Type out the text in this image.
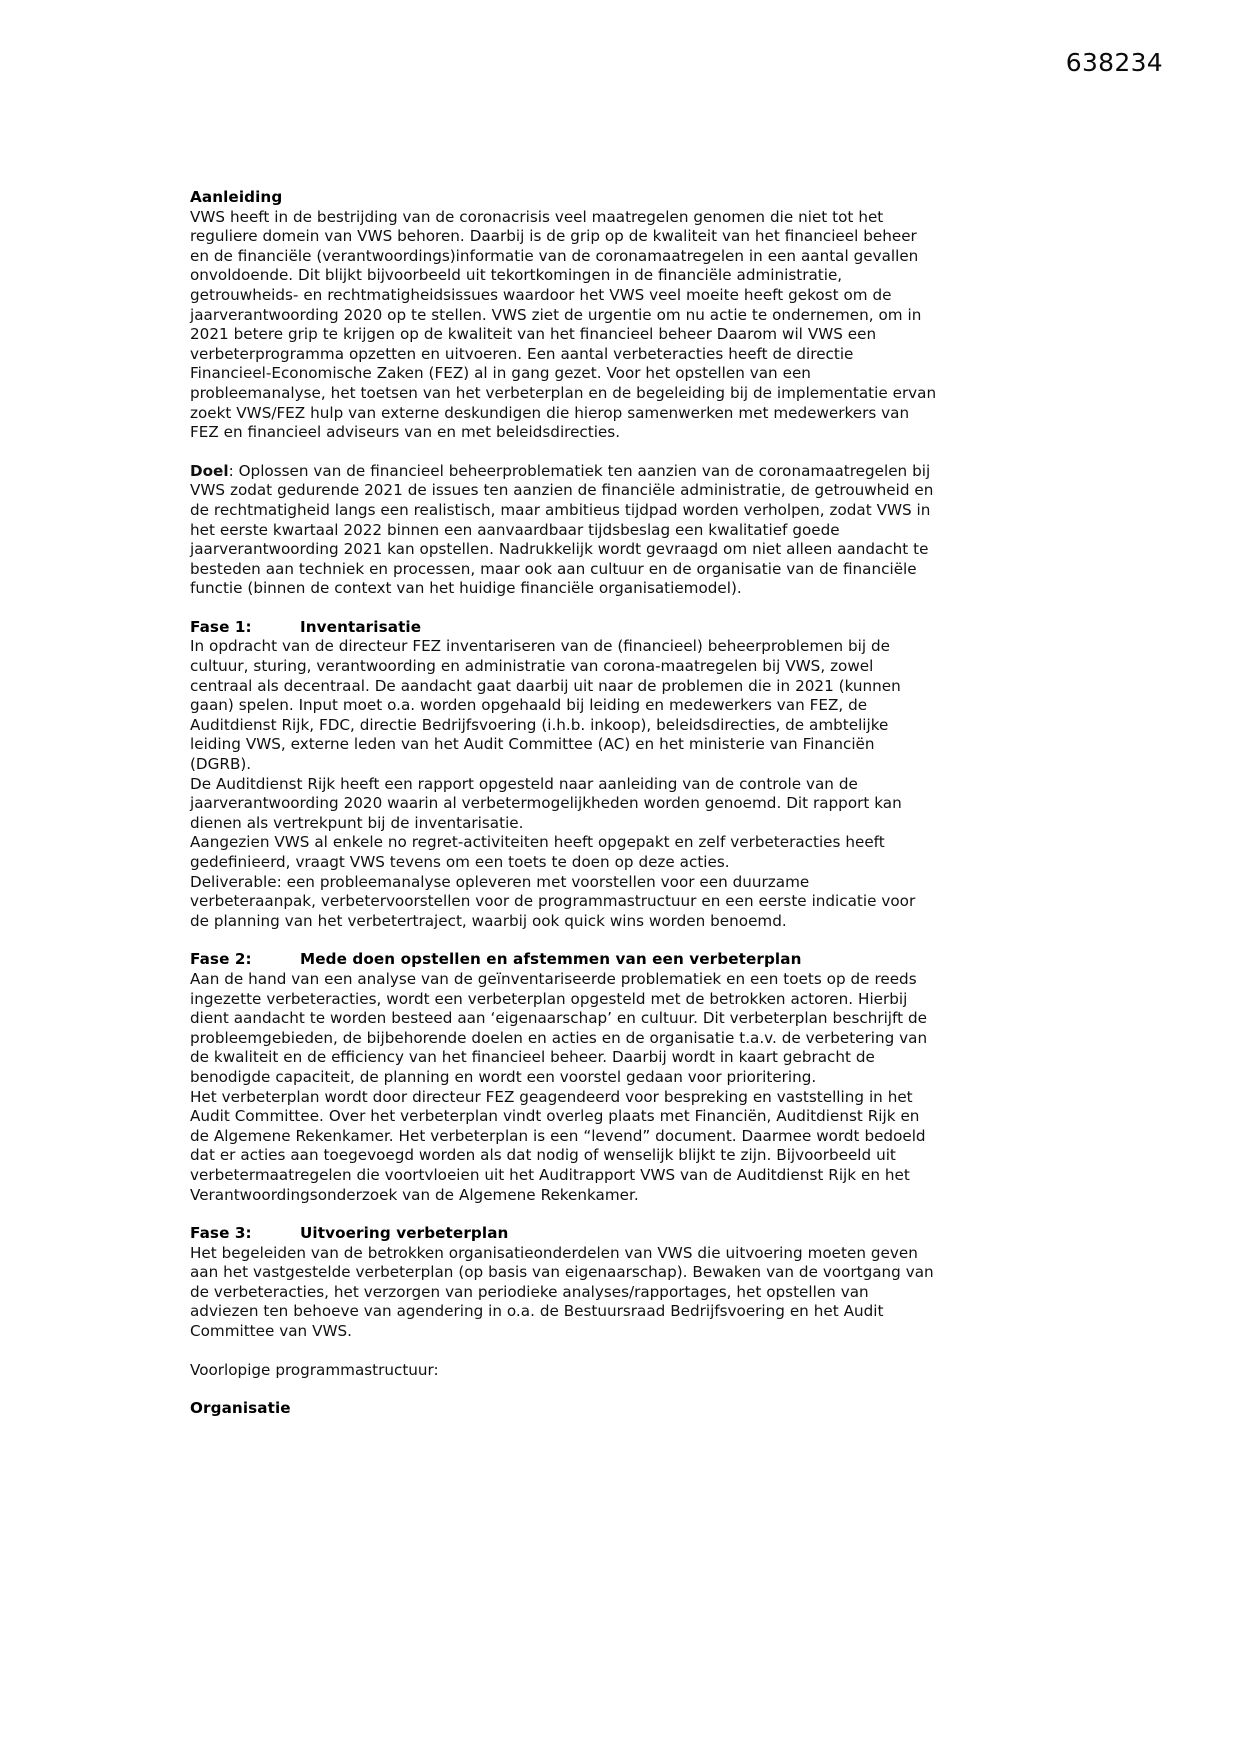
638234
Aanleiding

VWS heeft in de bestrijding van de coronacrisis veel maatregelen genomen die niet tot het reguliere domein van VWS behoren. Daarbij is de grip op de kwaliteit van het financieel beheer en de financiële (verantwoordings)informatie van de coronamaatregelen in een aantal gevallen onvoldoende. Dit blijkt bijvoorbeeld uit tekortkomingen in de financiële administratie, getrouwheids- en rechtmatigheidsissues waardoor het VWS veel moeite heeft gekost om de jaarverantwoording 2020 op te stellen. VWS ziet de urgentie om nu actie te ondernemen, om in 2021 betere grip te krijgen op de kwaliteit van het financieel beheer Daarom wil VWS een verbeterprogramma opzetten en uitvoeren. Een aantal verbeteracties heeft de directie Financieel-Economische Zaken (FEZ) al in gang gezet. Voor het opstellen van een probleemanalyse, het toetsen van het verbeterplan en de begeleiding bij de implementatie ervan zoekt VWS/FEZ hulp van externe deskundigen die hierop samenwerken met medewerkers van FEZ en financieel adviseurs van en met beleidsdirecties.

Doel: Oplossen van de financieel beheerproblematiek ten aanzien van de coronamaatregelen bij VWS zodat gedurende 2021 de issues ten aanzien de financiële administratie, de getrouwheid en de rechtmatigheid langs een realistisch, maar ambitieus tijdpad worden verholpen, zodat VWS in het eerste kwartaal 2022 binnen een aanvaardbaar tijdsbeslag een kwalitatief goede jaarverantwoording 2021 kan opstellen. Nadrukkelijk wordt gevraagd om niet alleen aandacht te besteden aan techniek en processen, maar ook aan cultuur en de organisatie van de financiële functie (binnen de context van het huidige financiële organisatiemodel).

Fase 1:	Inventarisatie

In opdracht van de directeur FEZ inventariseren van de (financieel) beheerproblemen bij de cultuur, sturing, verantwoording en administratie van corona-maatregelen bij VWS, zowel centraal als decentraal. De aandacht gaat daarbij uit naar de problemen die in 2021 (kunnen gaan) spelen. Input moet o.a. worden opgehaald bij leiding en medewerkers van FEZ, de Auditdienst Rijk, FDC, directie Bedrijfsvoering (i.h.b. inkoop), beleidsdirecties, de ambtelijke leiding VWS, externe leden van het Audit Committee (AC) en het ministerie van Financiën (DGRB).

De Auditdienst Rijk heeft een rapport opgesteld naar aanleiding van de controle van de jaarverantwoording 2020 waarin al verbetermogelijkheden worden genoemd. Dit rapport kan dienen als vertrekpunt bij de inventarisatie.

Aangezien VWS al enkele no regret-activiteiten heeft opgepakt en zelf verbeteracties heeft gedefinieerd, vraagt VWS tevens om een toets te doen op deze acties.

Deliverable: een probleemanalyse opleveren met voorstellen voor een duurzame verbeteraanpak, verbetervoorstellen voor de programmastructuur en een eerste indicatie voor de planning van het verbetertraject, waarbij ook quick wins worden benoemd.

Fase 2:	Mede doen opstellen en afstemmen van een verbeterplan

Aan de hand van een analyse van de geïnventariseerde problematiek en een toets op de reeds ingezette verbeteracties, wordt een verbeterplan opgesteld met de betrokken actoren. Hierbij dient aandacht te worden besteed aan ‘eigenaarschap’ en cultuur. Dit verbeterplan beschrijft de probleemgebieden, de bijbehorende doelen en acties en de organisatie t.a.v. de verbetering van de kwaliteit en de efficiency van het financieel beheer. Daarbij wordt in kaart gebracht de benodigde capaciteit, de planning en wordt een voorstel gedaan voor prioritering.

Het verbeterplan wordt door directeur FEZ geagendeerd voor bespreking en vaststelling in het Audit Committee. Over het verbeterplan vindt overleg plaats met Financiën, Auditdienst Rijk en de Algemene Rekenkamer. Het verbeterplan is een “levend” document. Daarmee wordt bedoeld dat er acties aan toegevoegd worden als dat nodig of wenselijk blijkt te zijn. Bijvoorbeeld uit verbetermaatregelen die voortvloeien uit het Auditrapport VWS van de Auditdienst Rijk en het Verantwoordingsonderzoek van de Algemene Rekenkamer.

Fase 3:	Uitvoering verbeterplan

Het begeleiden van de betrokken organisatieonderdelen van VWS die uitvoering moeten geven aan het vastgestelde verbeterplan (op basis van eigenaarschap). Bewaken van de voortgang van de verbeteracties, het verzorgen van periodieke analyses/rapportages, het opstellen van adviezen ten behoeve van agendering in o.a. de Bestuursraad Bedrijfsvoering en het Audit Committee van VWS.

Voorlopige programmastructuur:

Organisatie
